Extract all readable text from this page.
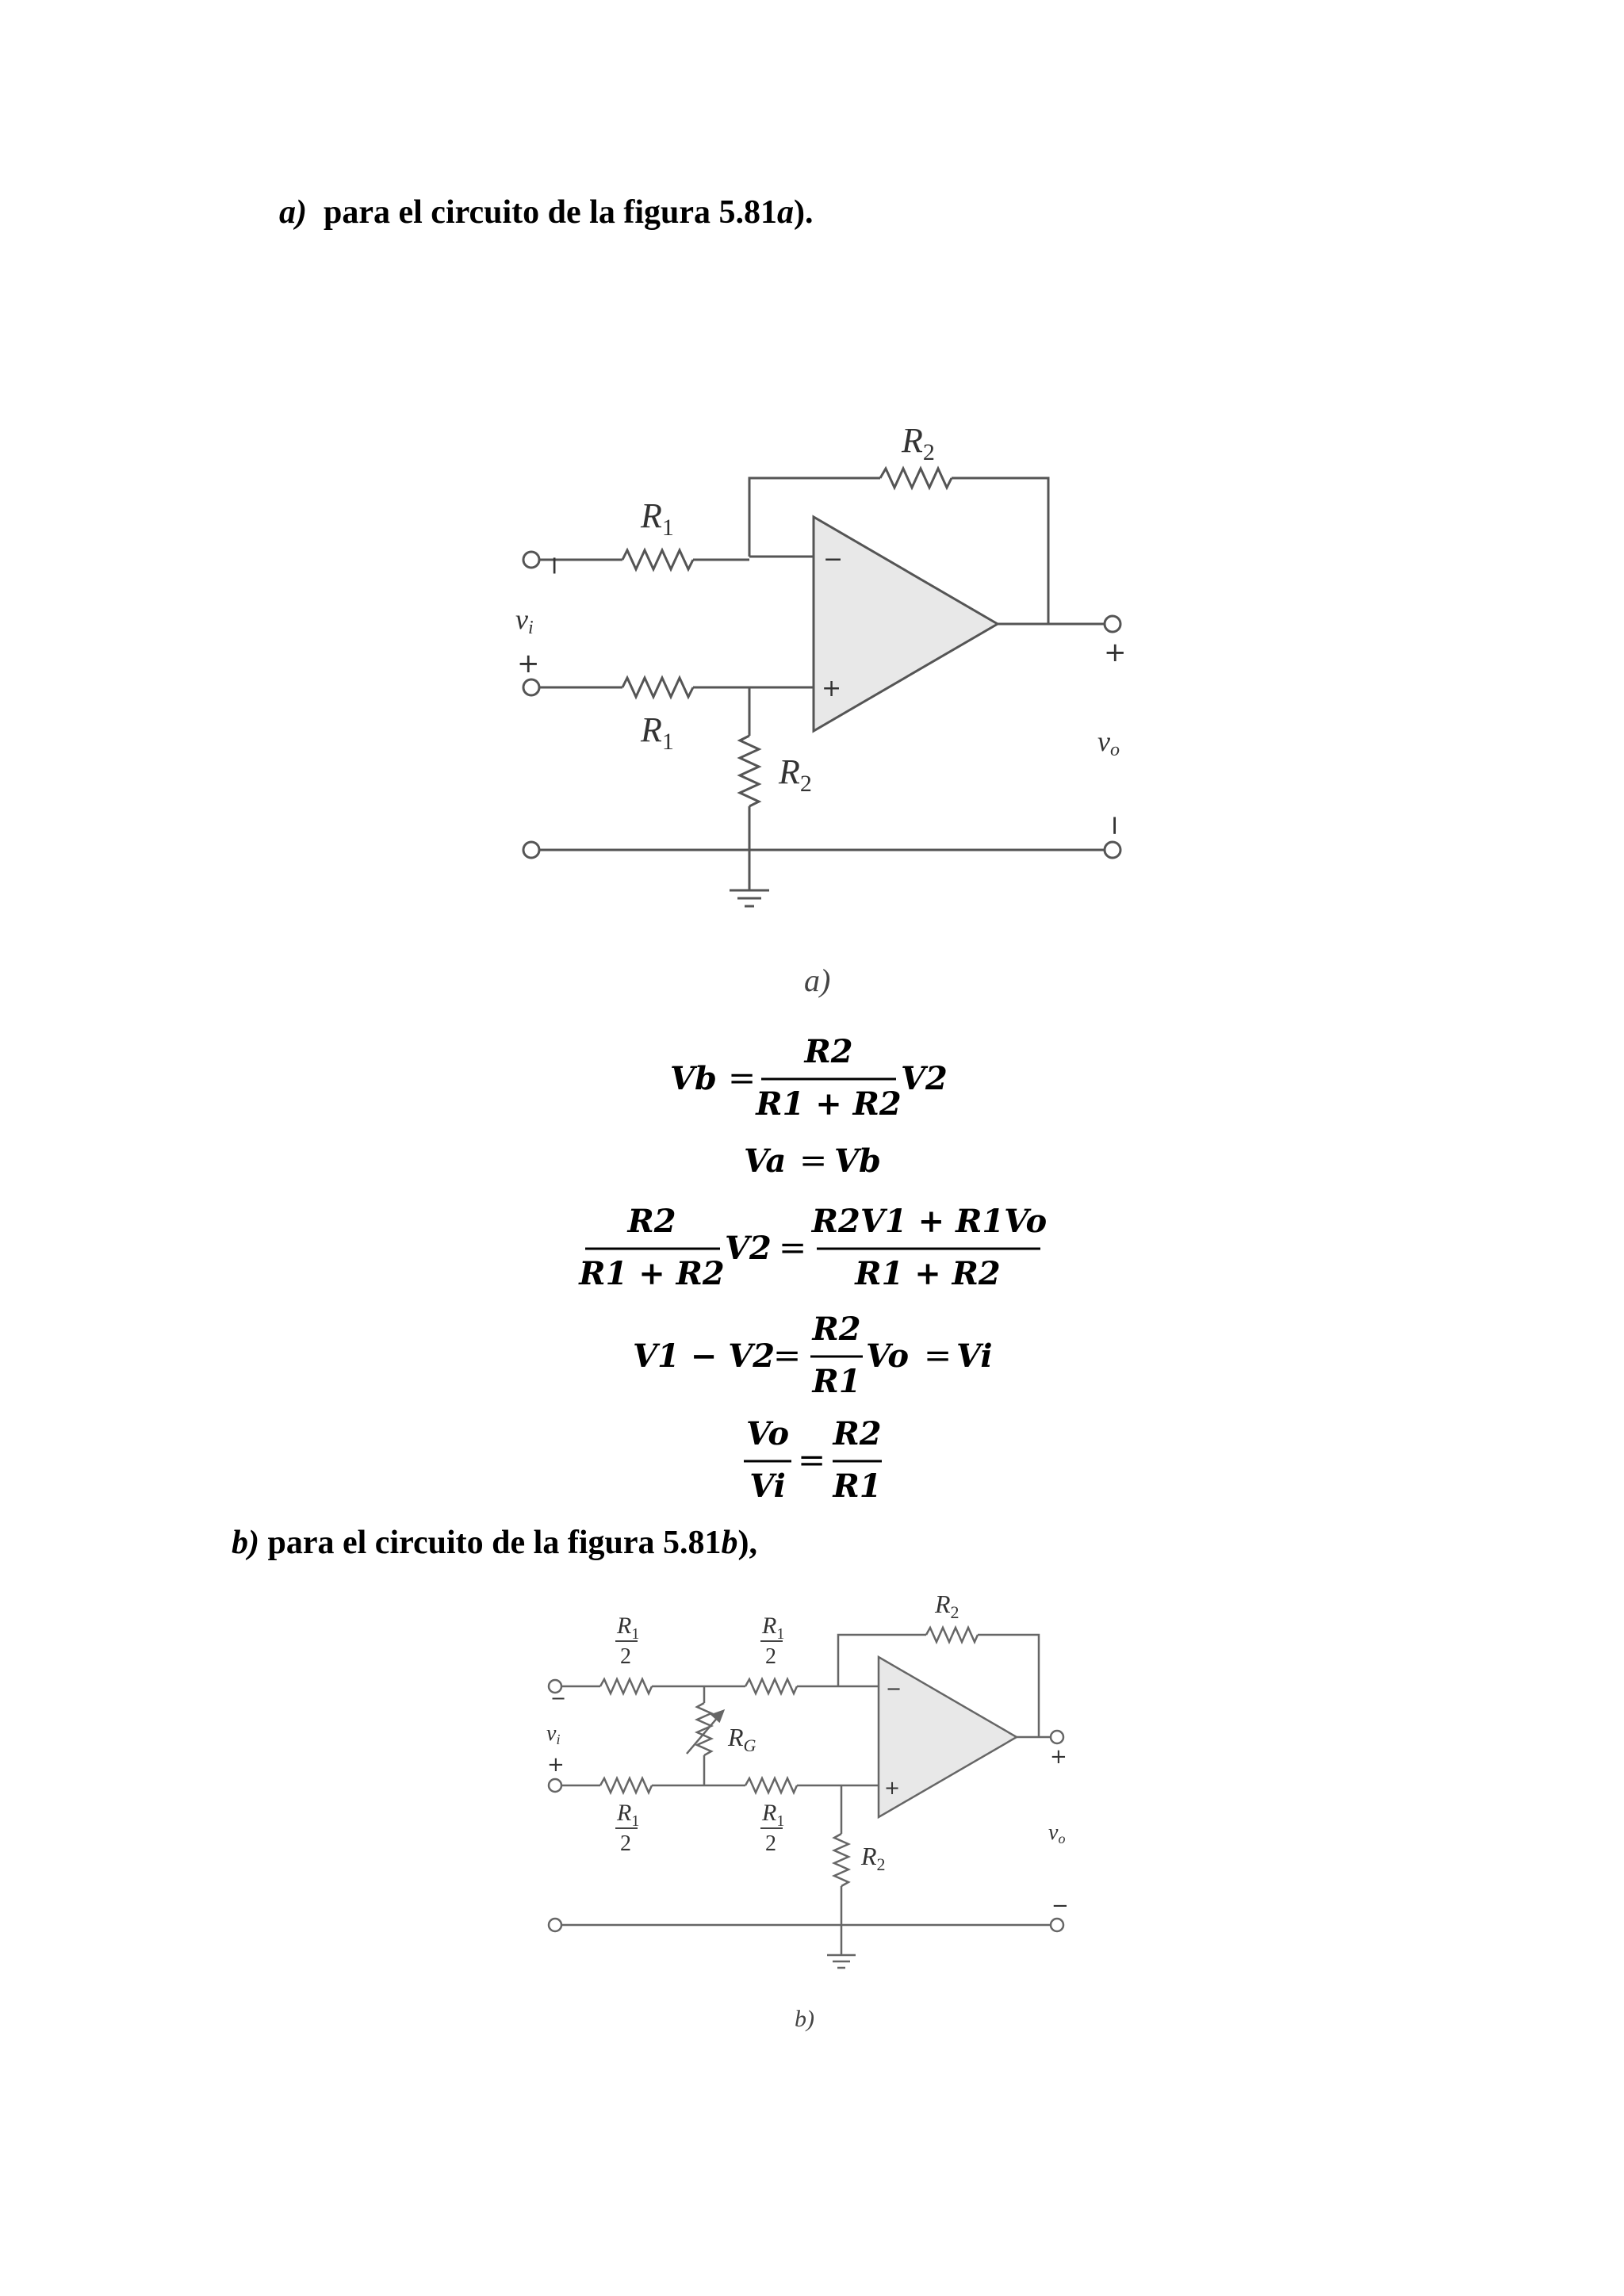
a) para el circuito de la figura 5.81a).
b) para el circuito de la figura 5.81b),
−
+
$R_2$
$R_1$
$R_1$
$R_2$
−
vi
+	+
vo
−
a)
Vb =
R2
R1 + R2
V2
Va = Vb
R2
R1 + R2
V2 =
R2V1 + R1Vo
R1 + R2
V1 − V2
=
R2
R1
Vo = Vi
Vo
Vi
=
R2
R1
−
+
$R_1$
2
$R_1$
2
$R_1$
2
$R_1$
2
$R_2$
$R_G$
$R_2$
−
vi
+	+
vo
−
b)
